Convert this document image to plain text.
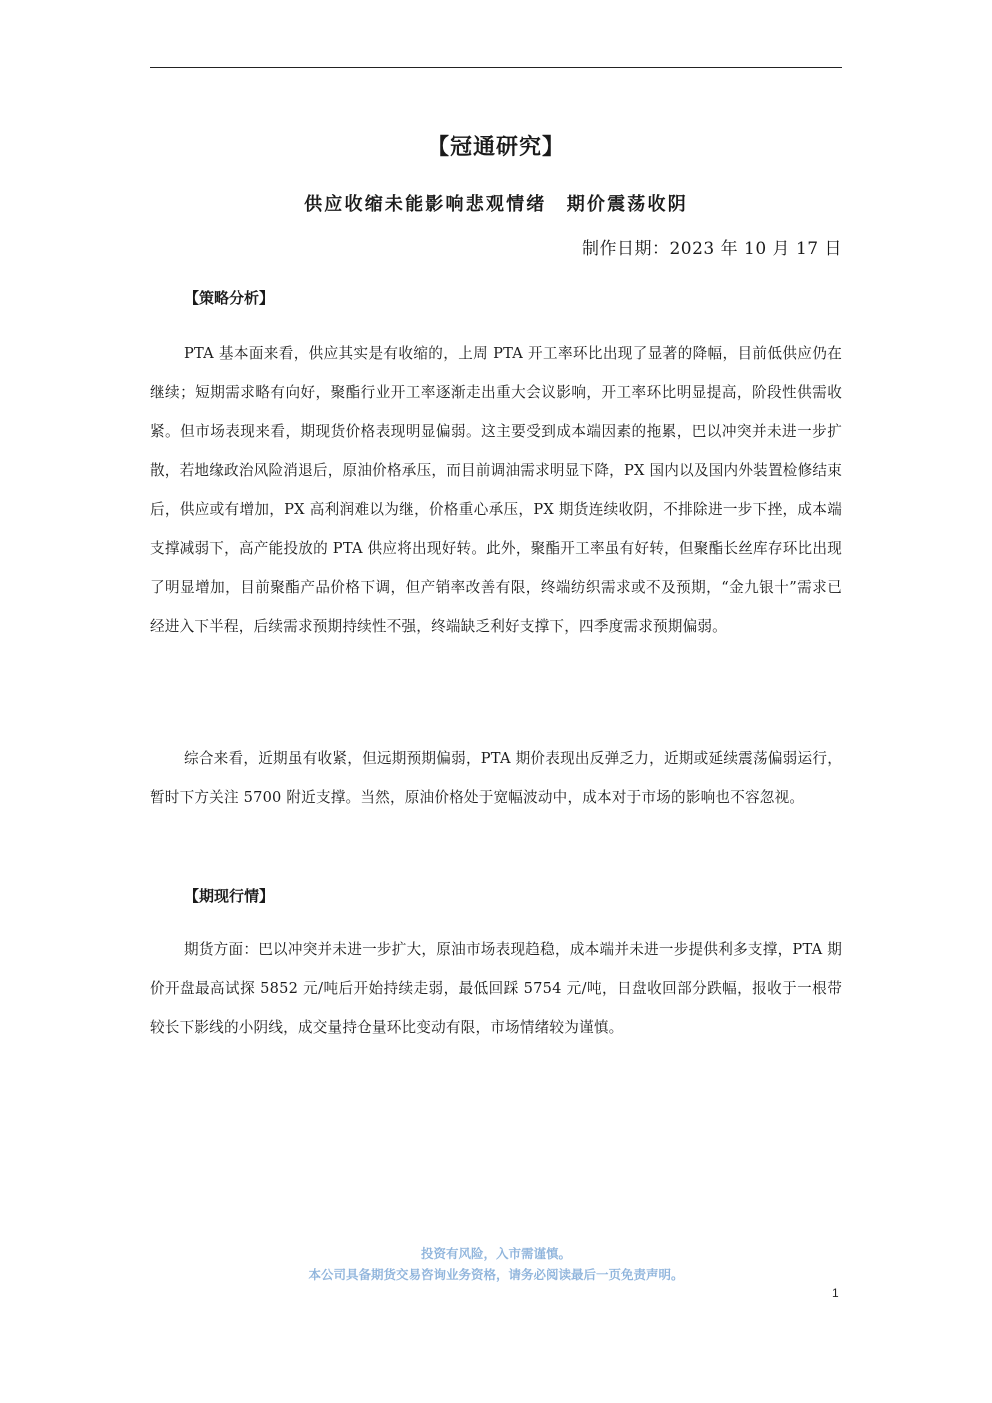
【冠通研究】
供应收缩未能影响悲观情绪　期价震荡收阴

制作日期：2023 年 10 月 17 日

【策略分析】

PTA 基本面来看，供应其实是有收缩的，上周 PTA 开工率环比出现了显著的降幅，目前低供应仍在继续；短期需求略有向好，聚酯行业开工率逐渐走出重大会议影响，开工率环比明显提高，阶段性供需收紧。但市场表现来看，期现货价格表现明显偏弱。这主要受到成本端因素的拖累，巴以冲突并未进一步扩散，若地缘政治风险消退后，原油价格承压，而目前调油需求明显下降，PX 国内以及国内外装置检修结束后，供应或有增加，PX 高利润难以为继，价格重心承压，PX 期货连续收阴，不排除进一步下挫，成本端支撑减弱下，高产能投放的 PTA 供应将出现好转。此外，聚酯开工率虽有好转，但聚酯长丝库存环比出现了明显增加，目前聚酯产品价格下调，但产销率改善有限，终端纺织需求或不及预期，“金九银十”需求已经进入下半程，后续需求预期持续性不强，终端缺乏利好支撑下，四季度需求预期偏弱。

综合来看，近期虽有收紧，但远期预期偏弱，PTA 期价表现出反弹乏力，近期或延续震荡偏弱运行，暂时下方关注 5700 附近支撑。当然，原油价格处于宽幅波动中，成本对于市场的影响也不容忽视。

【期现行情】

期货方面：巴以冲突并未进一步扩大，原油市场表现趋稳，成本端并未进一步提供利多支撑，PTA 期价开盘最高试探 5852 元/吨后开始持续走弱，最低回踩 5754 元/吨，日盘收回部分跌幅，报收于一根带较长下影线的小阴线，成交量持仓量环比变动有限，市场情绪较为谨慎。

投资有风险，入市需谨慎。

本公司具备期货交易咨询业务资格，请务必阅读最后一页免责声明。

1
